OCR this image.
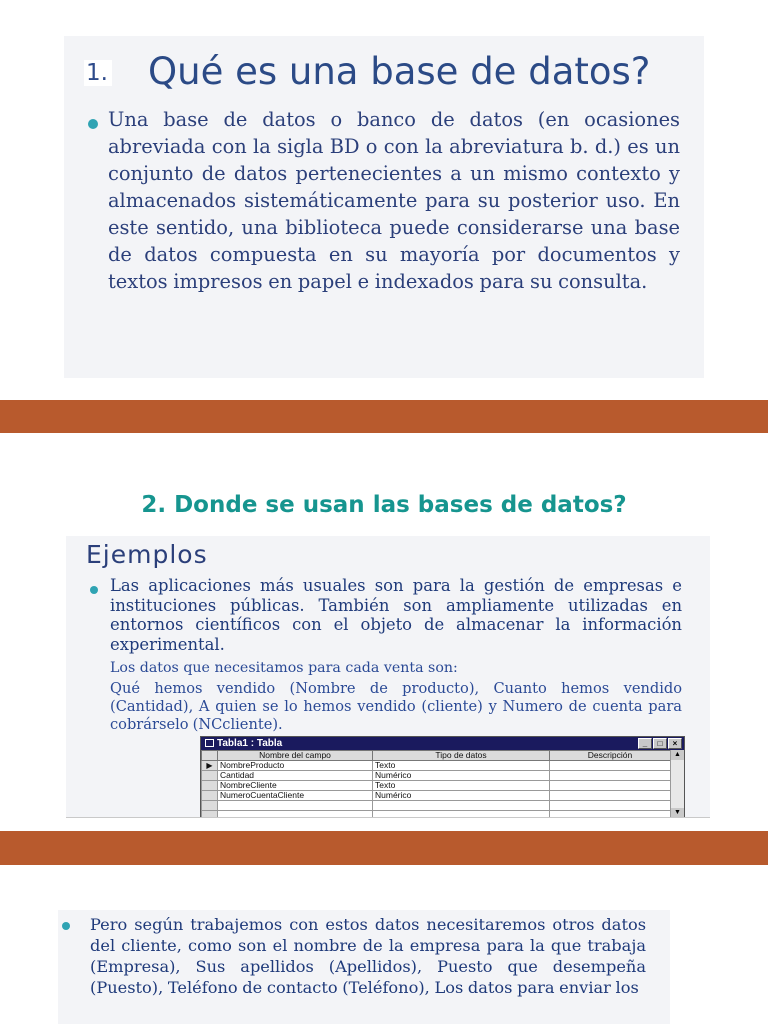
1. Qué es una base de datos?

Una base de datos o banco de datos (en ocasiones abreviada con la sigla BD o con la abreviatura b. d.) es un conjunto de datos pertenecientes a un mismo contexto y almacenados sistemáticamente para su posterior uso. En este sentido, una biblioteca puede considerarse una base de datos compuesta en su mayoría por documentos y textos impresos en papel e indexados para su consulta.

2. Donde se usan las bases de datos?
Ejemplos

Las aplicaciones más usuales son para la gestión de empresas e instituciones públicas. También son ampliamente utilizadas en entornos científicos con el objeto de almacenar la información experimental.

Los datos que necesitamos para cada venta son:

Qué hemos vendido (Nombre de producto), Cuanto hemos vendido (Cantidad), A quien se lo hemos vendido (cliente) y Numero de cuenta para cobrárselo (NCcliente).

Tabla1 : Tabla	_	□	×
	Nombre del campo	Tipo de datos	Descripción
▶	NombreProducto	Texto	
	Cantidad	Numérico	
	NombreCliente	Texto	
	NumeroCuentaCliente	Numérico	

▲
▼

Pero según trabajemos con estos datos necesitaremos otros datos del cliente, como son el nombre de la empresa para la que trabaja (Empresa), Sus apellidos (Apellidos), Puesto que desempeña (Puesto), Teléfono de contacto (Teléfono), Los datos para enviar los
